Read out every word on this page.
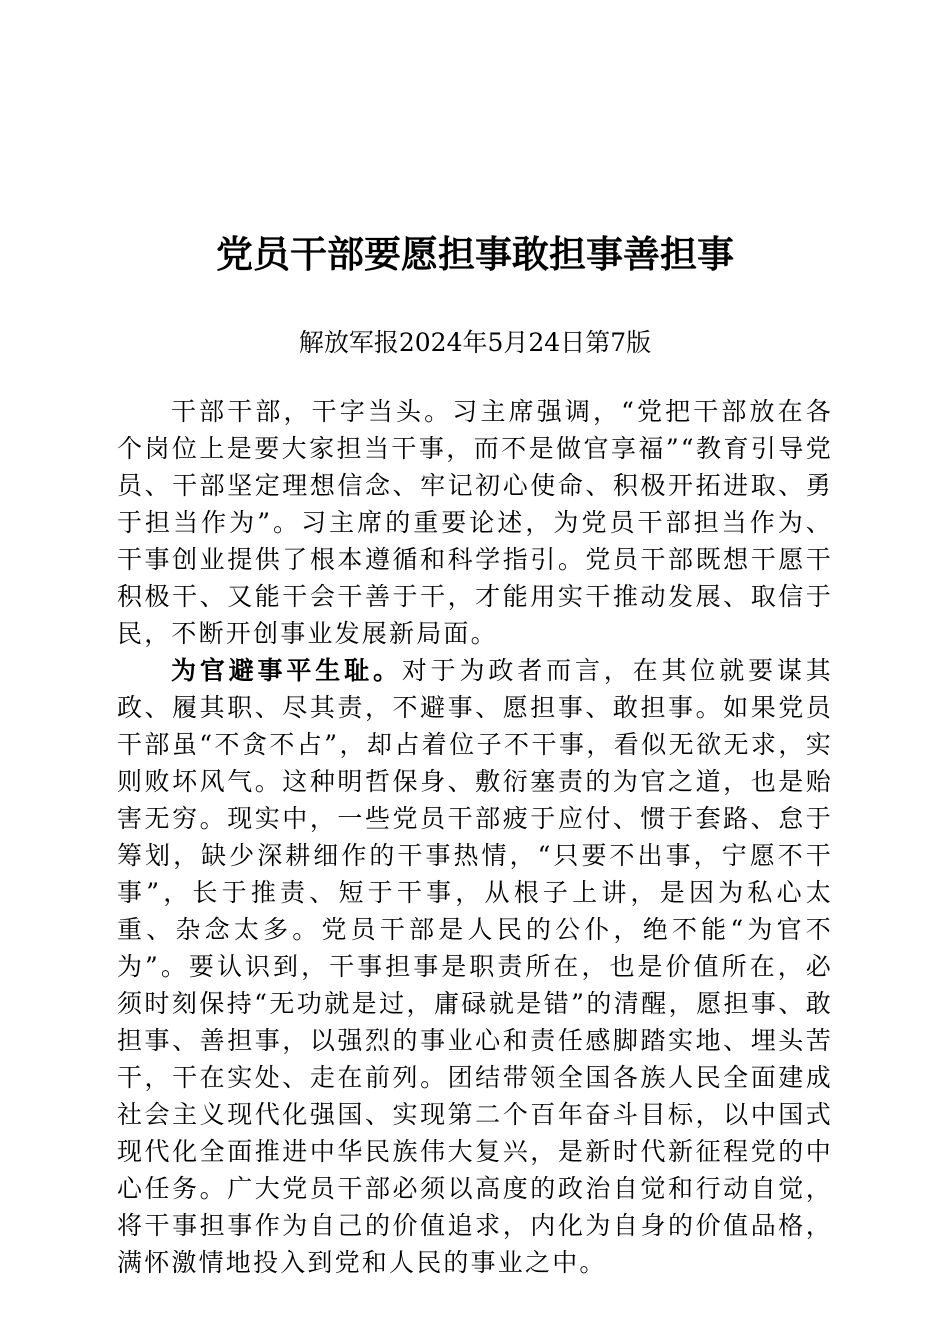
党员干部要愿担事敢担事善担事

解放军报2024年5月24日第7版

干部干部，干字当头。习主席强调，“党把干部放在各个岗位上是要大家担当干事，而不是做官享福”“教育引导党员、干部坚定理想信念、牢记初心使命、积极开拓进取、勇于担当作为”。习主席的重要论述，为党员干部担当作为、干事创业提供了根本遵循和科学指引。党员干部既想干愿干积极干、又能干会干善于干，才能用实干推动发展、取信于民，不断开创事业发展新局面。

为官避事平生耻。对于为政者而言，在其位就要谋其政、履其职、尽其责，不避事、愿担事、敢担事。如果党员干部虽“不贪不占”，却占着位子不干事，看似无欲无求，实则败坏风气。这种明哲保身、敷衍塞责的为官之道，也是贻害无穷。现实中，一些党员干部疲于应付、惯于套路、怠于筹划，缺少深耕细作的干事热情，“只要不出事，宁愿不干事”，长于推责、短于干事，从根子上讲，是因为私心太重、杂念太多。党员干部是人民的公仆，绝不能“为官不为”。要认识到，干事担事是职责所在，也是价值所在，必须时刻保持“无功就是过，庸碌就是错”的清醒，愿担事、敢担事、善担事，以强烈的事业心和责任感脚踏实地、埋头苦干，干在实处、走在前列。团结带领全国各族人民全面建成社会主义现代化强国、实现第二个百年奋斗目标，以中国式现代化全面推进中华民族伟大复兴，是新时代新征程党的中心任务。广大党员干部必须以高度的政治自觉和行动自觉，将干事担事作为自己的价值追求，内化为自身的价值品格，满怀激情地投入到党和人民的事业之中。
